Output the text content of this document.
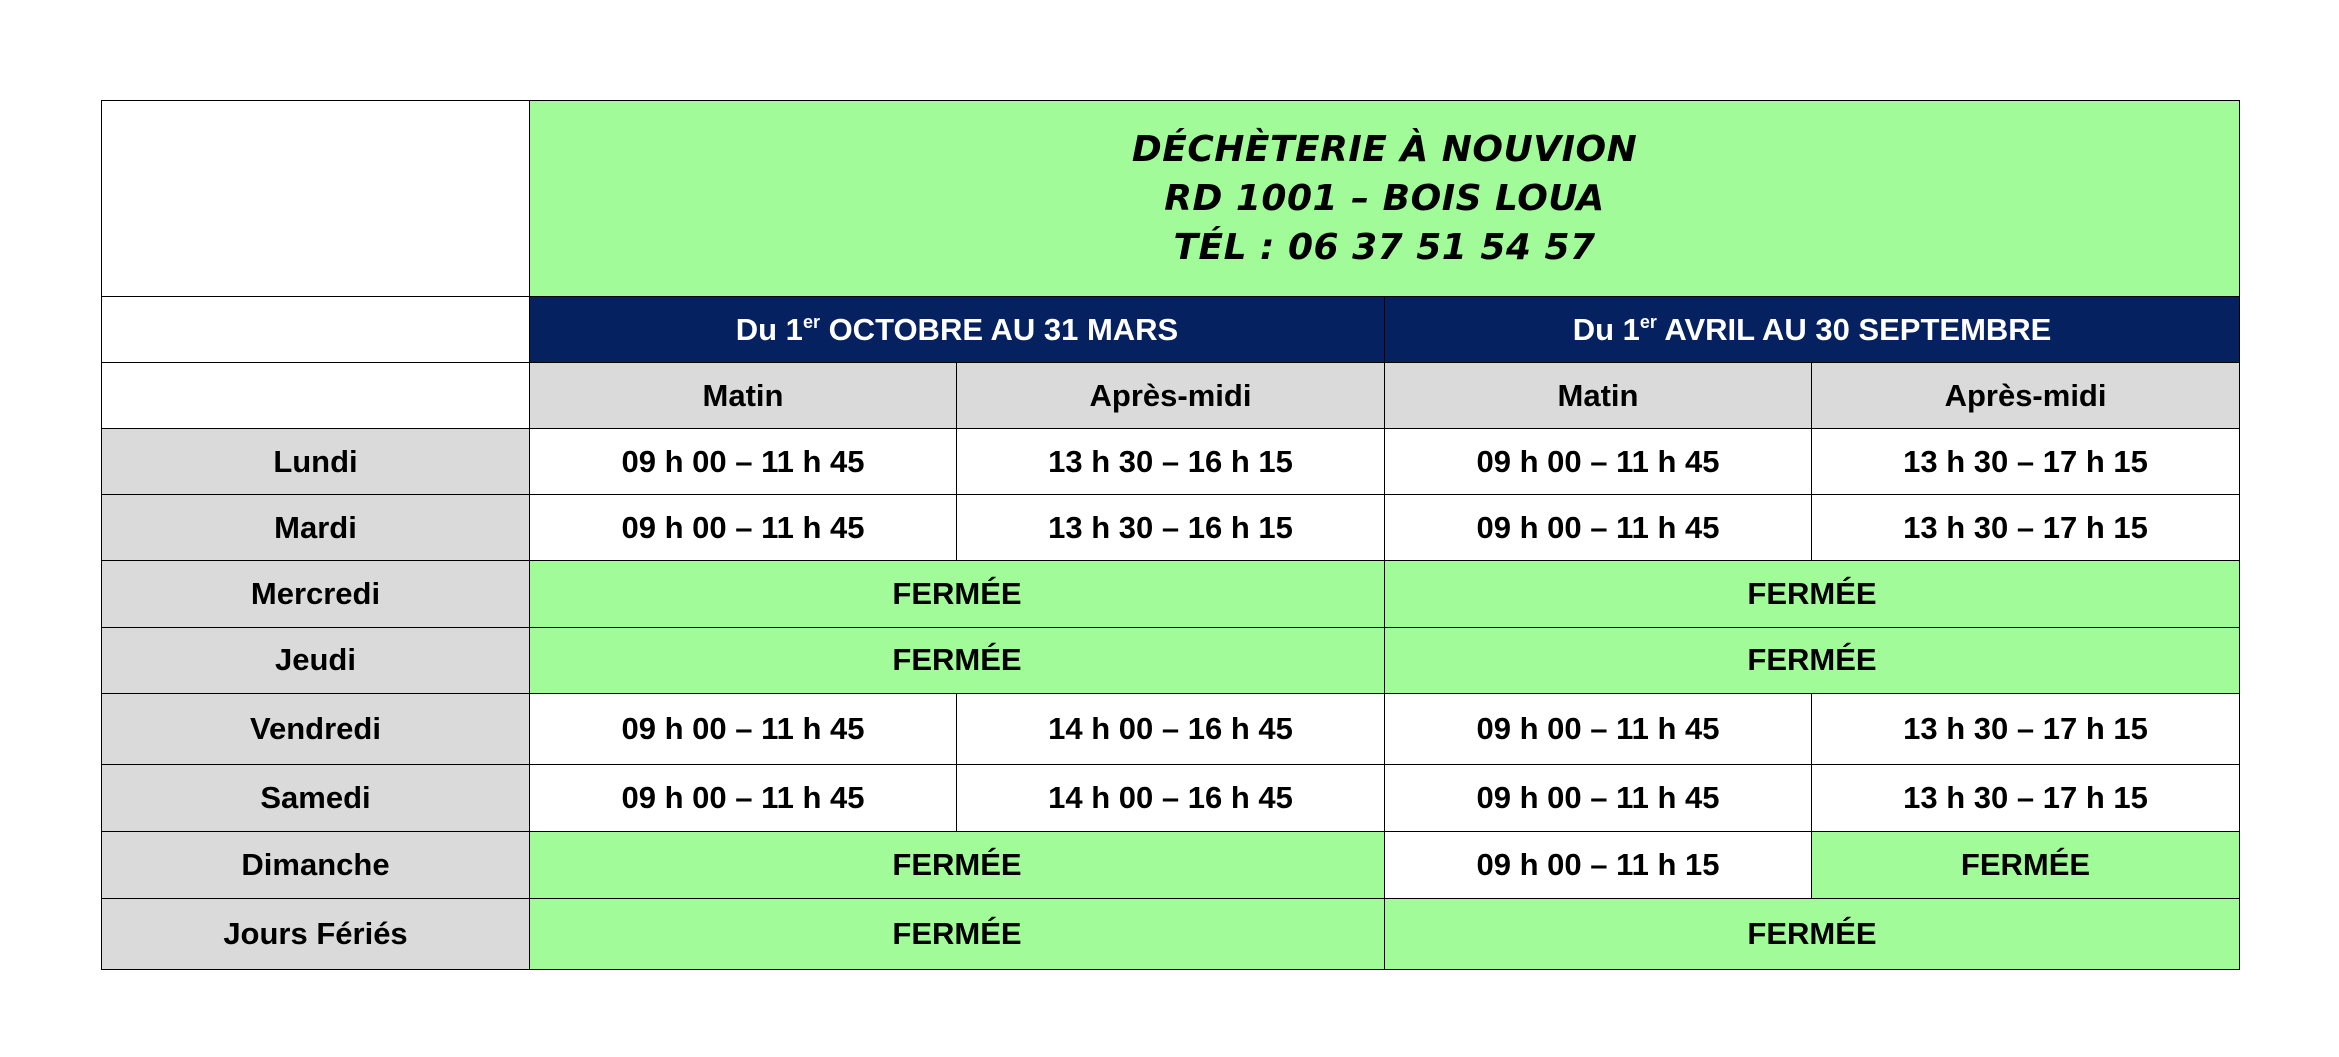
	DÉCHÈTERIE À NOUVION
RD 1001 – BOIS LOUA
TÉL : 06 37 51 54 57			

	Du 1er OCTOBRE AU 31 MARS		Du 1er AVRIL AU 30 SEPTEMBRE	
	Matin	Après-midi	Matin	Après-midi
Lundi	09 h 00 – 11 h 45	13 h 30 – 16 h 15	09 h 00 – 11 h 45	13 h 30 – 17 h 15
Mardi	09 h 00 – 11 h 45	13 h 30 – 16 h 15	09 h 00 – 11 h 45	13 h 30 – 17 h 15
Mercredi	FERMÉE		FERMÉE	
Jeudi	FERMÉE		FERMÉE	
Vendredi	09 h 00 – 11 h 45	14 h 00 – 16 h 45	09 h 00 – 11 h 45	13 h 30 – 17 h 15
Samedi	09 h 00 – 11 h 45	14 h 00 – 16 h 45	09 h 00 – 11 h 45	13 h 30 – 17 h 15
Dimanche	FERMÉE		09 h 00 – 11 h 15	FERMÉE
Jours Fériés	FERMÉE		FERMÉE	
